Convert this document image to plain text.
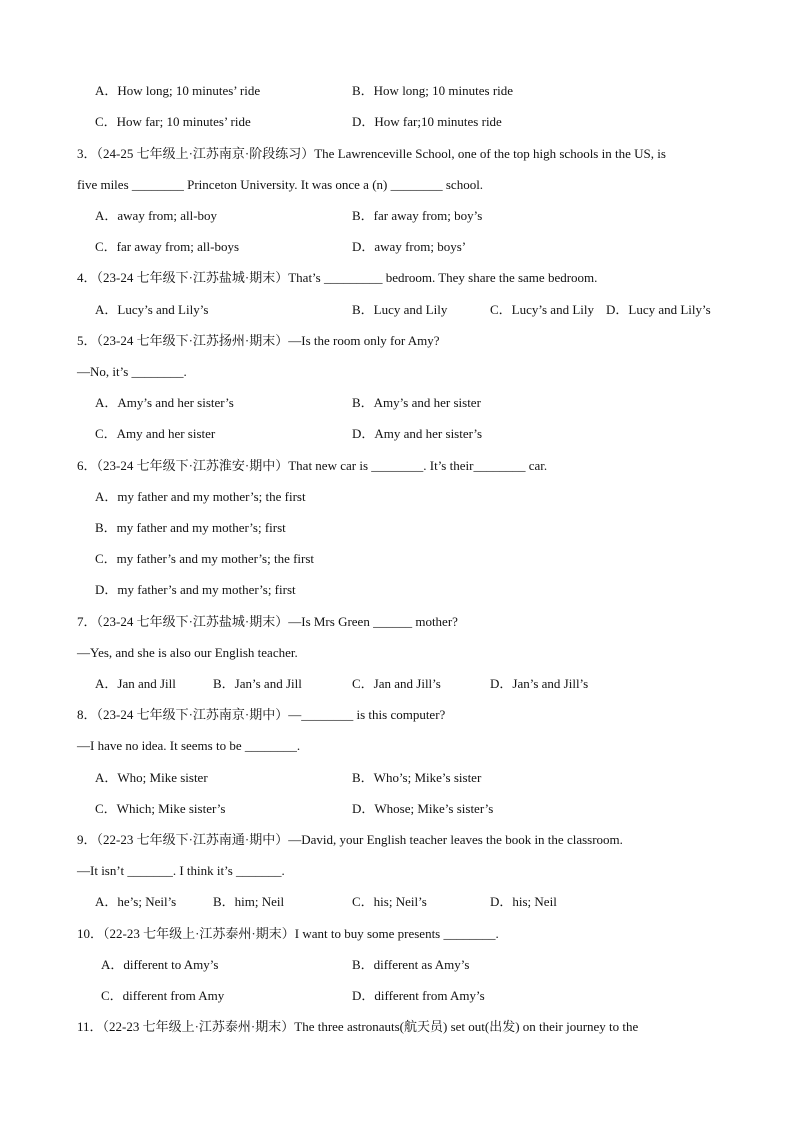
A．How long; 10 minutes’ ride	B．How long; 10 minutes ride
C．How far; 10 minutes’ ride	D．How far;10 minutes ride
3．（24-25 七年级上·江苏南京·阶段练习）The Lawrenceville School, one of the top high schools in the US, is
five miles ________ Princeton University. It was once a (n) ________ school.
A．away from; all-boy	B．far away from; boy’s
C．far away from; all-boys	D．away from; boys’
4．（23-24 七年级下·江苏盐城·期末）That’s _________ bedroom. They share the same bedroom.
A．Lucy’s and Lily’s	B．Lucy and Lily	C．Lucy’s and Lily D．Lucy and Lily’s
5．（23-24 七年级下·江苏扬州·期末）—Is the room only for Amy?
—No, it’s ________.
A．Amy’s and her sister’s	B．Amy’s and her sister
C．Amy and her sister	D．Amy and her sister’s
6．（23-24 七年级下·江苏淮安·期中）That new car is ________. It’s their________ car.
A．my father and my mother’s; the first
B．my father and my mother’s; first
C．my father’s and my mother’s; the first
D．my father’s and my mother’s; first
7．（23-24 七年级下·江苏盐城·期末）—Is Mrs Green ______ mother?
—Yes, and she is also our English teacher.
A．Jan and Jill	B．Jan’s and Jill	C．Jan and Jill’s	D．Jan’s and Jill’s
8．（23-24 七年级下·江苏南京·期中）—________ is this computer?
—I have no idea. It seems to be ________.
A．Who; Mike sister	B．Who’s; Mike’s sister
C．Which; Mike sister’s	D．Whose; Mike’s sister’s
9．（22-23 七年级下·江苏南通·期中）—David, your English teacher leaves the book in the classroom.
—It isn’t _______. I think it’s _______.
A．he’s; Neil’s	B．him; Neil	C．his; Neil’s	D．his; Neil
10．（22-23 七年级上·江苏泰州·期末）I want to buy some presents ________.
A．different to Amy’s	B．different as Amy’s
C．different from Amy	D．different from Amy’s
11．（22-23 七年级上·江苏泰州·期末）The three astronauts(航天员) set out(出发) on their journey to the
